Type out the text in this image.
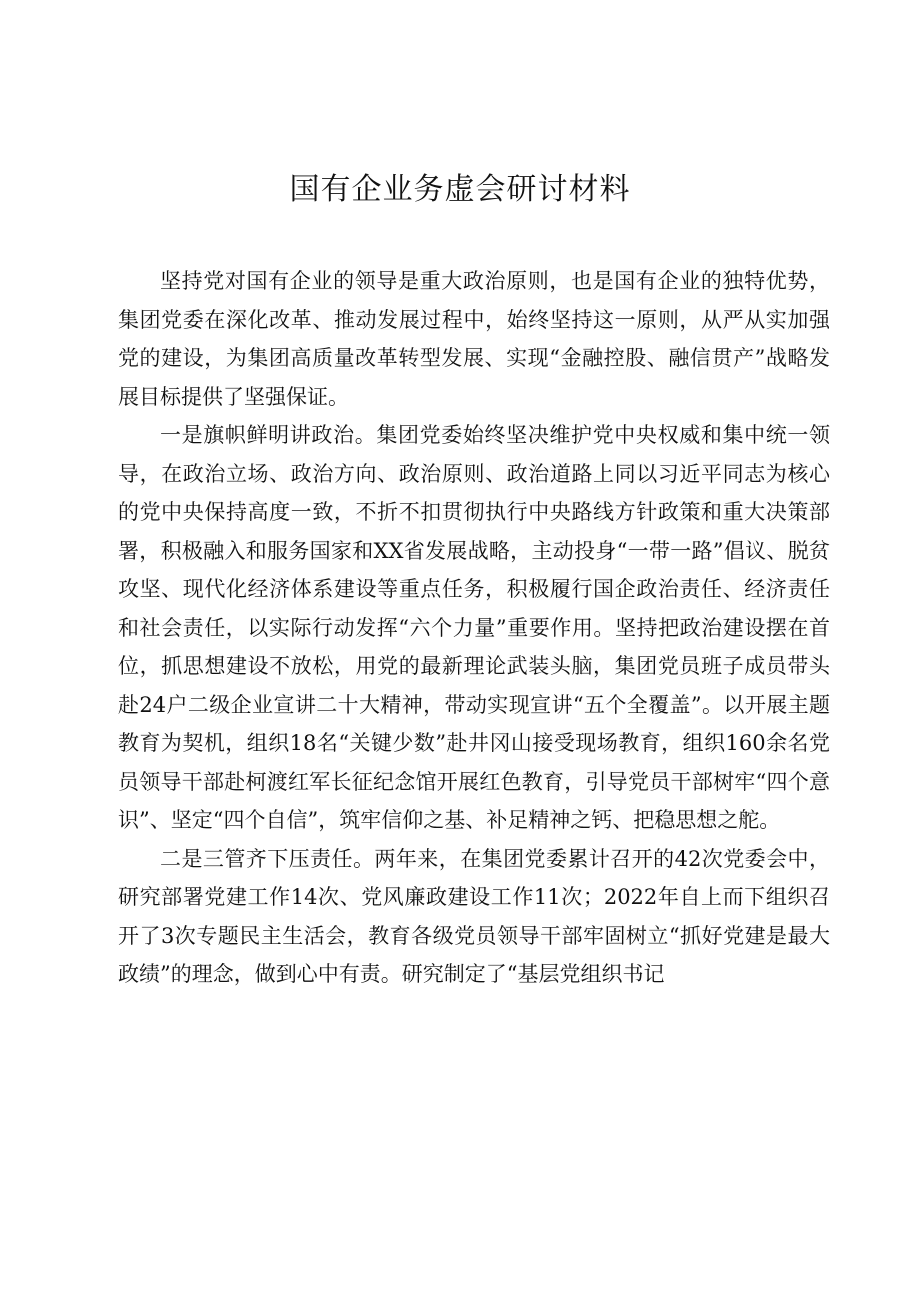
国有企业务虚会研讨材料

坚持党对国有企业的领导是重大政治原则，也是国有企业的独特优势，集团党委在深化改革、推动发展过程中，始终坚持这一原则，从严从实加强党的建设，为集团高质量改革转型发展、实现“金融控股、融信贯产”战略发展目标提供了坚强保证。

一是旗帜鲜明讲政治。集团党委始终坚决维护党中央权威和集中统一领导，在政治立场、政治方向、政治原则、政治道路上同以习近平同志为核心的党中央保持高度一致，不折不扣贯彻执行中央路线方针政策和重大决策部署，积极融入和服务国家和XX省发展战略，主动投身“一带一路”倡议、脱贫攻坚、现代化经济体系建设等重点任务，积极履行国企政治责任、经济责任和社会责任，以实际行动发挥“六个力量”重要作用。坚持把政治建设摆在首位，抓思想建设不放松，用党的最新理论武装头脑，集团党员班子成员带头赴24户二级企业宣讲二十大精神，带动实现宣讲“五个全覆盖”。以开展主题教育为契机，组织18名“关键少数”赴井冈山接受现场教育，组织160余名党员领导干部赴柯渡红军长征纪念馆开展红色教育，引导党员干部树牢“四个意识”、坚定“四个自信”，筑牢信仰之基、补足精神之钙、把稳思想之舵。

二是三管齐下压责任。两年来，在集团党委累计召开的42次党委会中，研究部署党建工作14次、党风廉政建设工作11次；2022年自上而下组织召开了3次专题民主生活会，教育各级党员领导干部牢固树立“抓好党建是最大政绩”的理念，做到心中有责。研究制定了“基层党组织书记
